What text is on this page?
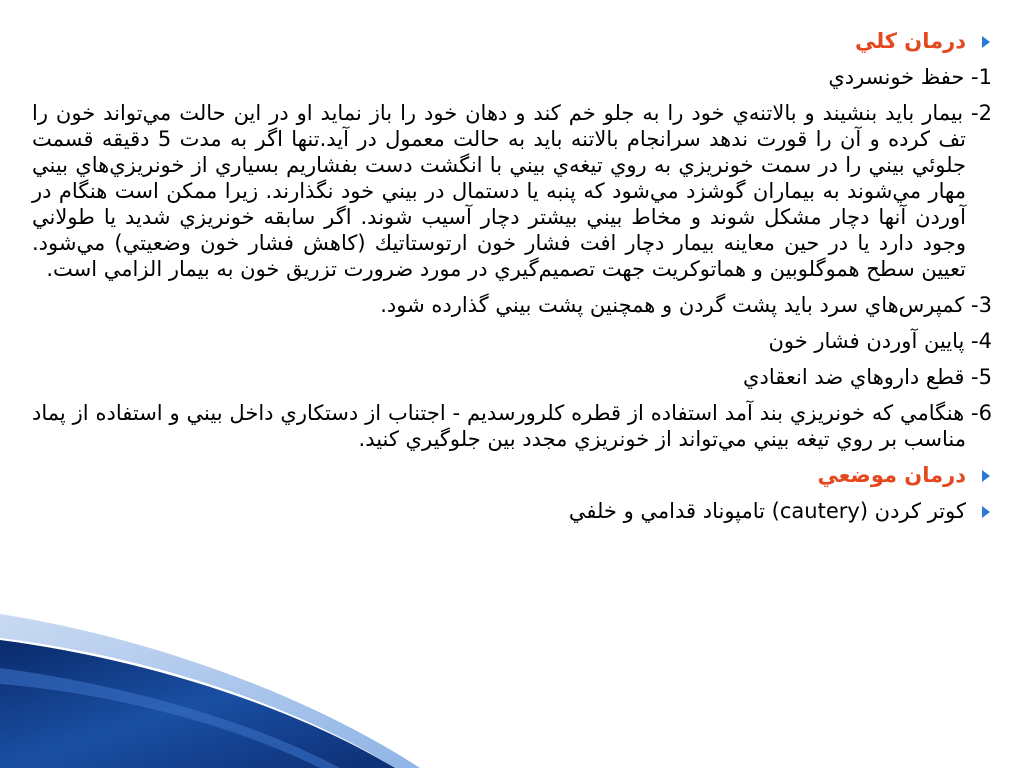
درمان کلي

1- حفظ خونسردي

2- بيمار بايد بنشيند و بالاتنه‌ي خود را به جلو خم کند و دهان خود را باز نمايد او در اين حالت مي‌تواند خون را تف کرده و آن را قورت ندهد سرانجام بالاتنه بايد به حالت معمول در آيد.تنها اگر به مدت 5 دقيقه قسمت جلوئي بيني را در سمت خونريزي به روي تيغه‌ي بيني با انگشت دست بفشاريم بسياري از خونريزي‌هاي بيني مهار مي‌شوند به بيماران گوشزد مي‌شود که پنبه يا دستمال در بيني خود نگذارند. زيرا ممکن است هنگام در آوردن آنها دچار مشکل شوند و مخاط بيني بيشتر دچار آسيب شوند. اگر سابقه خونريزي شديد يا طولاني وجود دارد يا در حين معاينه بيمار دچار افت فشار خون ارتوستاتيك (کاهش فشار خون وضعيتي) مي‌شود. تعيين سطح هموگلوبين و هماتوکريت جهت تصميم‌گيري در مورد ضرورت تزريق خون به بيمار الزامي است.

3- کمپرس‌هاي سرد بايد پشت گردن و همچنين پشت بيني گذارده شود.

4- پايين آوردن فشار خون

5- قطع داروهاي ضد انعقادي

6- هنگامي که خونريزي بند آمد استفاده از قطره کلرورسديم - اجتناب از دستکاري داخل بيني و استفاده از پماد مناسب بر روي تيغه بيني مي‌تواند از خونريزي مجدد بين جلوگيري کنيد.

درمان موضعي

کوتر کردن (cautery) تامپوناد قدامي و خلفي
